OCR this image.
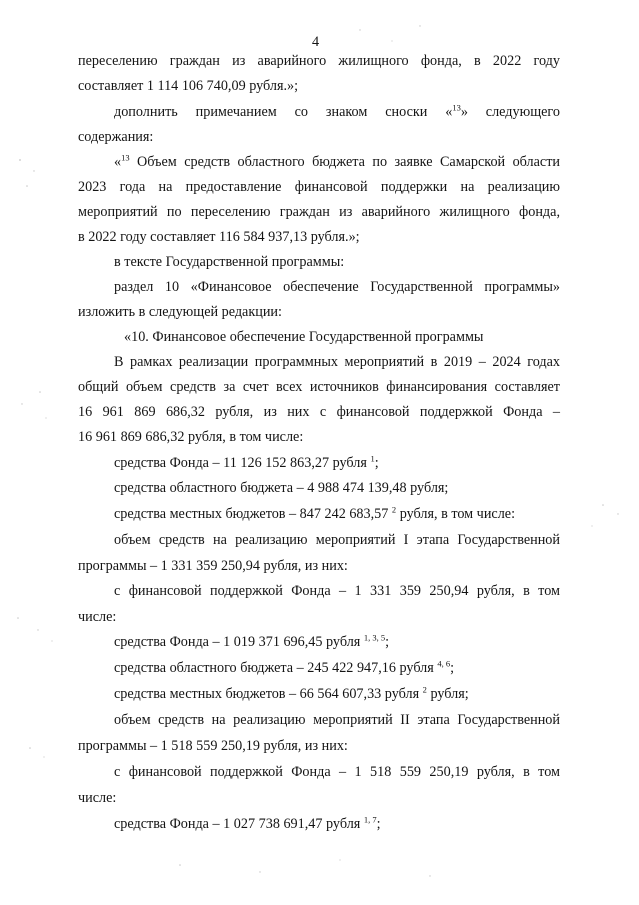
4

переселению граждан из аварийного жилищного фонда, в 2022 году

составляет 1 114 106 740,09 рубля.»;

дополнить примечанием со знаком сноски «$^{13}$» следующего

содержания:

«$^{13}$ Объем средств областного бюджета по заявке Самарской области

2023 года на предоставление финансовой поддержки на реализацию

мероприятий по переселению граждан из аварийного жилищного фонда,

в 2022 году составляет 116 584 937,13 рубля.»;

в тексте Государственной программы:

раздел 10 «Финансовое обеспечение Государственной программы»

изложить в следующей редакции:

«10. Финансовое обеспечение Государственной программы

В рамках реализации программных мероприятий в 2019 – 2024 годах

общий объем средств за счет всех источников финансирования составляет

16 961 869 686,32 рубля, из них с финансовой поддержкой Фонда –

16 961 869 686,32 рубля, в том числе:

средства Фонда – 11 126 152 863,27 рубля $^1$;

средства областного бюджета – 4 988 474 139,48 рубля;

средства местных бюджетов – 847 242 683,57 $^2$ рубля, в том числе:

объем средств на реализацию мероприятий I этапа Государственной

программы – 1 331 359 250,94 рубля, из них:

с финансовой поддержкой Фонда – 1 331 359 250,94 рубля, в том

числе:

средства Фонда – 1 019 371 696,45 рубля $^{1, 3, 5}$;

средства областного бюджета – 245 422 947,16 рубля $^{4, 6}$;

средства местных бюджетов – 66 564 607,33 рубля $^2$ рубля;

объем средств на реализацию мероприятий II этапа Государственной

программы – 1 518 559 250,19 рубля, из них:

с финансовой поддержкой Фонда – 1 518 559 250,19 рубля, в том

числе:

средства Фонда – 1 027 738 691,47 рубля $^{1, 7}$;
